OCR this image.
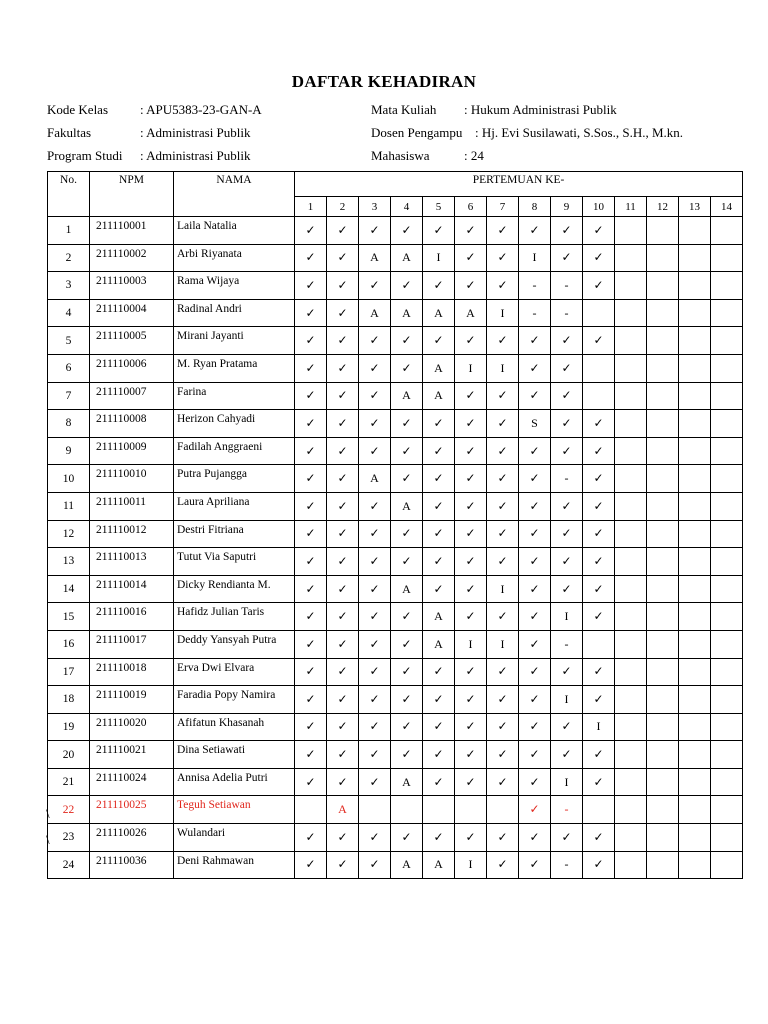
DAFTAR KEHADIRAN
Kode Kelas : APU5383-23-GAN-A
Fakultas	: Administrasi Publik
Program Studi : Administrasi Publik
Mata Kuliah : Hukum Administrasi Publik
Dosen Pengampu : Hj. Evi Susilawati, S.Sos., S.H., M.kn.
Mahasiswa	: 24
No.	NPM	NAMA	PERTEMUAN KE-													
			1	2	3	4	5	6	7	8	9	10	11	12	13	14
1	211110001	Laila Natalia	✓	✓	✓	✓	✓	✓	✓	✓	✓	✓				
2	211110002	Arbi Riyanata	✓	✓	A	A	I	✓	✓	I	✓	✓				
3	211110003	Rama Wijaya	✓	✓	✓	✓	✓	✓	✓	-	-	✓				
4	211110004	Radinal Andri	✓	✓	A	A	A	A	I	-	-					
5	211110005	Mirani Jayanti	✓	✓	✓	✓	✓	✓	✓	✓	✓	✓				
6	211110006	M. Ryan Pratama	✓	✓	✓	✓	A	I	I	✓	✓					
7	211110007	Farina	✓	✓	✓	A	A	✓	✓	✓	✓					
8	211110008	Herizon Cahyadi	✓	✓	✓	✓	✓	✓	✓	S	✓	✓				
9	211110009	Fadilah Anggraeni	✓	✓	✓	✓	✓	✓	✓	✓	✓	✓				
10	211110010	Putra Pujangga	✓	✓	A	✓	✓	✓	✓	✓	-	✓				
11	211110011	Laura Apriliana	✓	✓	✓	A	✓	✓	✓	✓	✓	✓				
12	211110012	Destri Fitriana	✓	✓	✓	✓	✓	✓	✓	✓	✓	✓				
13	211110013	Tutut Via Saputri	✓	✓	✓	✓	✓	✓	✓	✓	✓	✓				
14	211110014	Dicky Rendianta M.	✓	✓	✓	A	✓	✓	I	✓	✓	✓				
15	211110016	Hafidz Julian Taris	✓	✓	✓	✓	A	✓	✓	✓	I	✓				
16	211110017	Deddy Yansyah Putra	✓	✓	✓	✓	A	I	I	✓	-					
17	211110018	Erva Dwi Elvara	✓	✓	✓	✓	✓	✓	✓	✓	✓	✓				
18	211110019	Faradia Popy Namira	✓	✓	✓	✓	✓	✓	✓	✓	I	✓				
19	211110020	Afifatun Khasanah	✓	✓	✓	✓	✓	✓	✓	✓	✓	I				
20	211110021	Dina Setiawati	✓	✓	✓	✓	✓	✓	✓	✓	✓	✓				
21	211110024	Annisa Adelia Putri	✓	✓	✓	A	✓	✓	✓	✓	I	✓				
22	211110025	Teguh Setiawan		A						✓	-					
23	211110026	Wulandari	✓	✓	✓	✓	✓	✓	✓	✓	✓	✓				
24	211110036	Deni Rahmawan	✓	✓	✓	A	A	I	✓	✓	-	✓				
\
\
